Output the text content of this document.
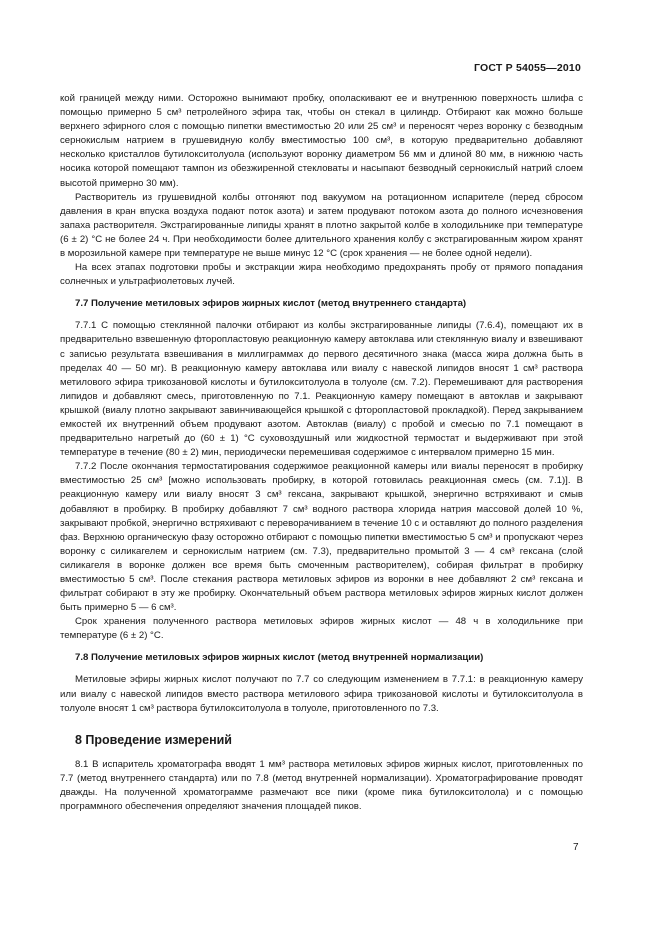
ГОСТ Р 54055—2010

кой границей между ними. Осторожно вынимают пробку, ополаскивают ее и внутреннюю поверхность шлифа с помощью примерно 5 см³ петролейного эфира так, чтобы он стекал в цилиндр. Отбирают как можно больше верхнего эфирного слоя с помощью пипетки вместимостью 20 или 25 см³ и переносят через воронку с безводным сернокислым натрием в грушевидную колбу вместимостью 100 см³, в которую предварительно добавляют несколько кристаллов бутилокситолуола (используют воронку диаметром 56 мм и длиной 80 мм, в нижнюю часть носика которой помещают тампон из обезжиренной стекловаты и насыпают безводный сернокислый натрий слоем высотой примерно 30 мм).

Растворитель из грушевидной колбы отгоняют под вакуумом на ротационном испарителе (перед сбросом давления в кран впуска воздуха подают поток азота) и затем продувают потоком азота до полного исчезновения запаха растворителя. Экстрагированные липиды хранят в плотно закрытой колбе в холодильнике при температуре (6 ± 2) °С не более 24 ч. При необходимости более длительного хранения колбу с экстрагированным жиром хранят в морозильной камере при температуре не выше минус 12 °С (срок хранения — не более одной недели).

На всех этапах подготовки пробы и экстракции жира необходимо предохранять пробу от прямого попадания солнечных и ультрафиолетовых лучей.

7.7 Получение метиловых эфиров жирных кислот (метод внутреннего стандарта)

7.7.1 С помощью стеклянной палочки отбирают из колбы экстрагированные липиды (7.6.4), помещают их в предварительно взвешенную фторопластовую реакционную камеру автоклава или стеклянную виалу и взвешивают с записью результата взвешивания в миллиграммах до первого десятичного знака (масса жира должна быть в пределах 40 — 50 мг). В реакционную камеру автоклава или виалу с навеской липидов вносят 1 см³ раствора метилового эфира трикозановой кислоты и бутилокситолуола в толуоле (см. 7.2). Перемешивают для растворения липидов и добавляют смесь, приготовленную по 7.1. Реакционную камеру помещают в автоклав и закрывают крышкой (виалу плотно закрывают завинчивающейся крышкой с фторопластовой прокладкой). Перед закрыванием емкостей их внутренний объем продувают азотом. Автоклав (виалу) с пробой и смесью по 7.1 помещают в предварительно нагретый до (60 ± 1) °С суховоздушный или жидкостной термостат и выдерживают при этой температуре в течение (80 ± 2) мин, периодически перемешивая содержимое с интервалом примерно 15 мин.

7.7.2 После окончания термостатирования содержимое реакционной камеры или виалы переносят в пробирку вместимостью 25 см³ [можно использовать пробирку, в которой готовилась реакционная смесь (см. 7.1)]. В реакционную камеру или виалу вносят 3 см³ гексана, закрывают крышкой, энергично встряхивают и смыв добавляют в пробирку. В пробирку добавляют 7 см³ водного раствора хлорида натрия массовой долей 10 %, закрывают пробкой, энергично встряхивают с переворачиванием в течение 10 с и оставляют до полного разделения фаз. Верхнюю органическую фазу осторожно отбирают с помощью пипетки вместимостью 5 см³ и пропускают через воронку с силикагелем и сернокислым натрием (см. 7.3), предварительно промытой 3 — 4 см³ гексана (слой силикагеля в воронке должен все время быть смоченным растворителем), собирая фильтрат в пробирку вместимостью 5 см³. После стекания раствора метиловых эфиров из воронки в нее добавляют 2 см³ гексана и фильтрат собирают в эту же пробирку. Окончательный объем раствора метиловых эфиров жирных кислот должен быть примерно 5 — 6 см³.

Срок хранения полученного раствора метиловых эфиров жирных кислот — 48 ч в холодильнике при температуре (6 ± 2) °С.

7.8 Получение метиловых эфиров жирных кислот (метод внутренней нормализации)

Метиловые эфиры жирных кислот получают по 7.7 со следующим изменением в 7.7.1: в реакционную камеру или виалу с навеской липидов вместо раствора метилового эфира трикозановой кислоты и бутилокситолуола в толуоле вносят 1 см³ раствора бутилокситолуола в толуоле, приготовленного по 7.3.

8 Проведение измерений

8.1 В испаритель хроматографа вводят 1 мм³ раствора метиловых эфиров жирных кислот, приготовленных по 7.7 (метод внутреннего стандарта) или по 7.8 (метод внутренней нормализации). Хроматографирование проводят дважды. На полученной хроматограмме размечают все пики (кроме пика бутилокситолола) и с помощью программного обеспечения определяют значения площадей пиков.

7
